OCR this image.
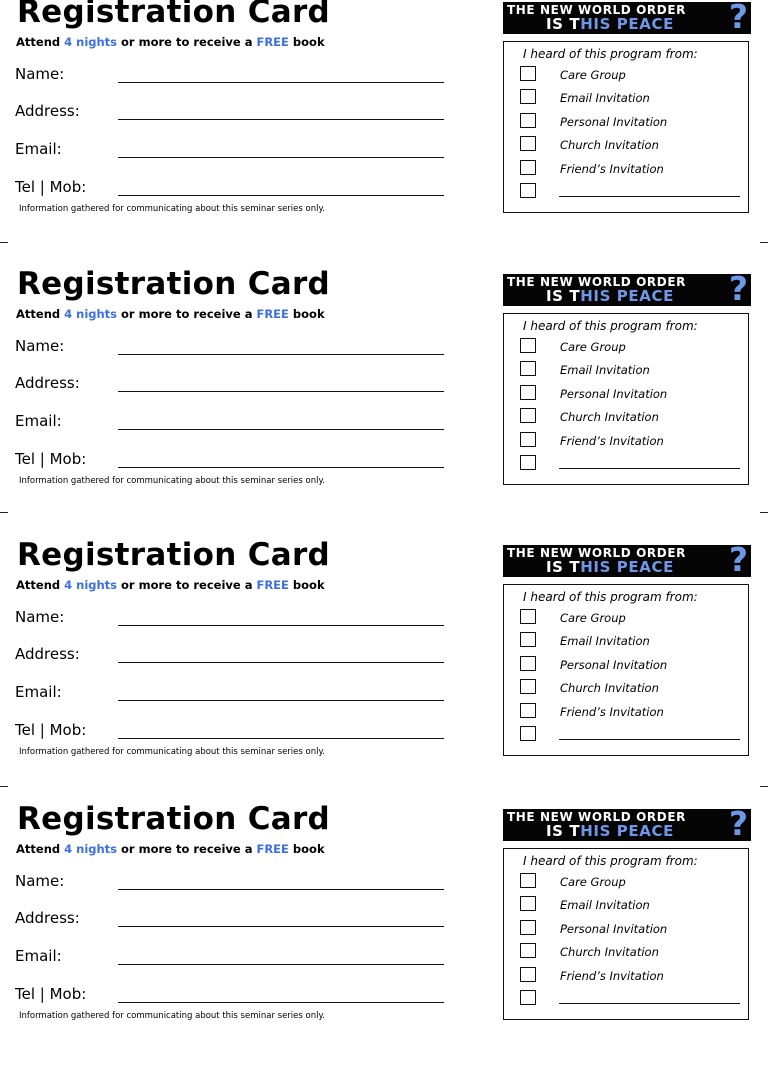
Registration Card
Attend 4 nights or more to receive a FREE book
Name:
Address:
Email:
Tel | Mob:
Information gathered for communicating about this seminar series only.
THE NEW WORLD ORDER
IS THIS PEACE ?
I heard of this program from:
Care Group
Email Invitation
Personal Invitation
Church Invitation
Friend’s Invitation
Registration Card
Attend 4 nights or more to receive a FREE book
Name:
Address:
Email:
Tel | Mob:
Information gathered for communicating about this seminar series only.
THE NEW WORLD ORDER
IS THIS PEACE ?
I heard of this program from:
Care Group
Email Invitation
Personal Invitation
Church Invitation
Friend’s Invitation
Registration Card
Attend 4 nights or more to receive a FREE book
Name:
Address:
Email:
Tel | Mob:
Information gathered for communicating about this seminar series only.
THE NEW WORLD ORDER
IS THIS PEACE ?
I heard of this program from:
Care Group
Email Invitation
Personal Invitation
Church Invitation
Friend’s Invitation
Registration Card
Attend 4 nights or more to receive a FREE book
Name:
Address:
Email:
Tel | Mob:
Information gathered for communicating about this seminar series only.
THE NEW WORLD ORDER
IS THIS PEACE ?
I heard of this program from:
Care Group
Email Invitation
Personal Invitation
Church Invitation
Friend’s Invitation
